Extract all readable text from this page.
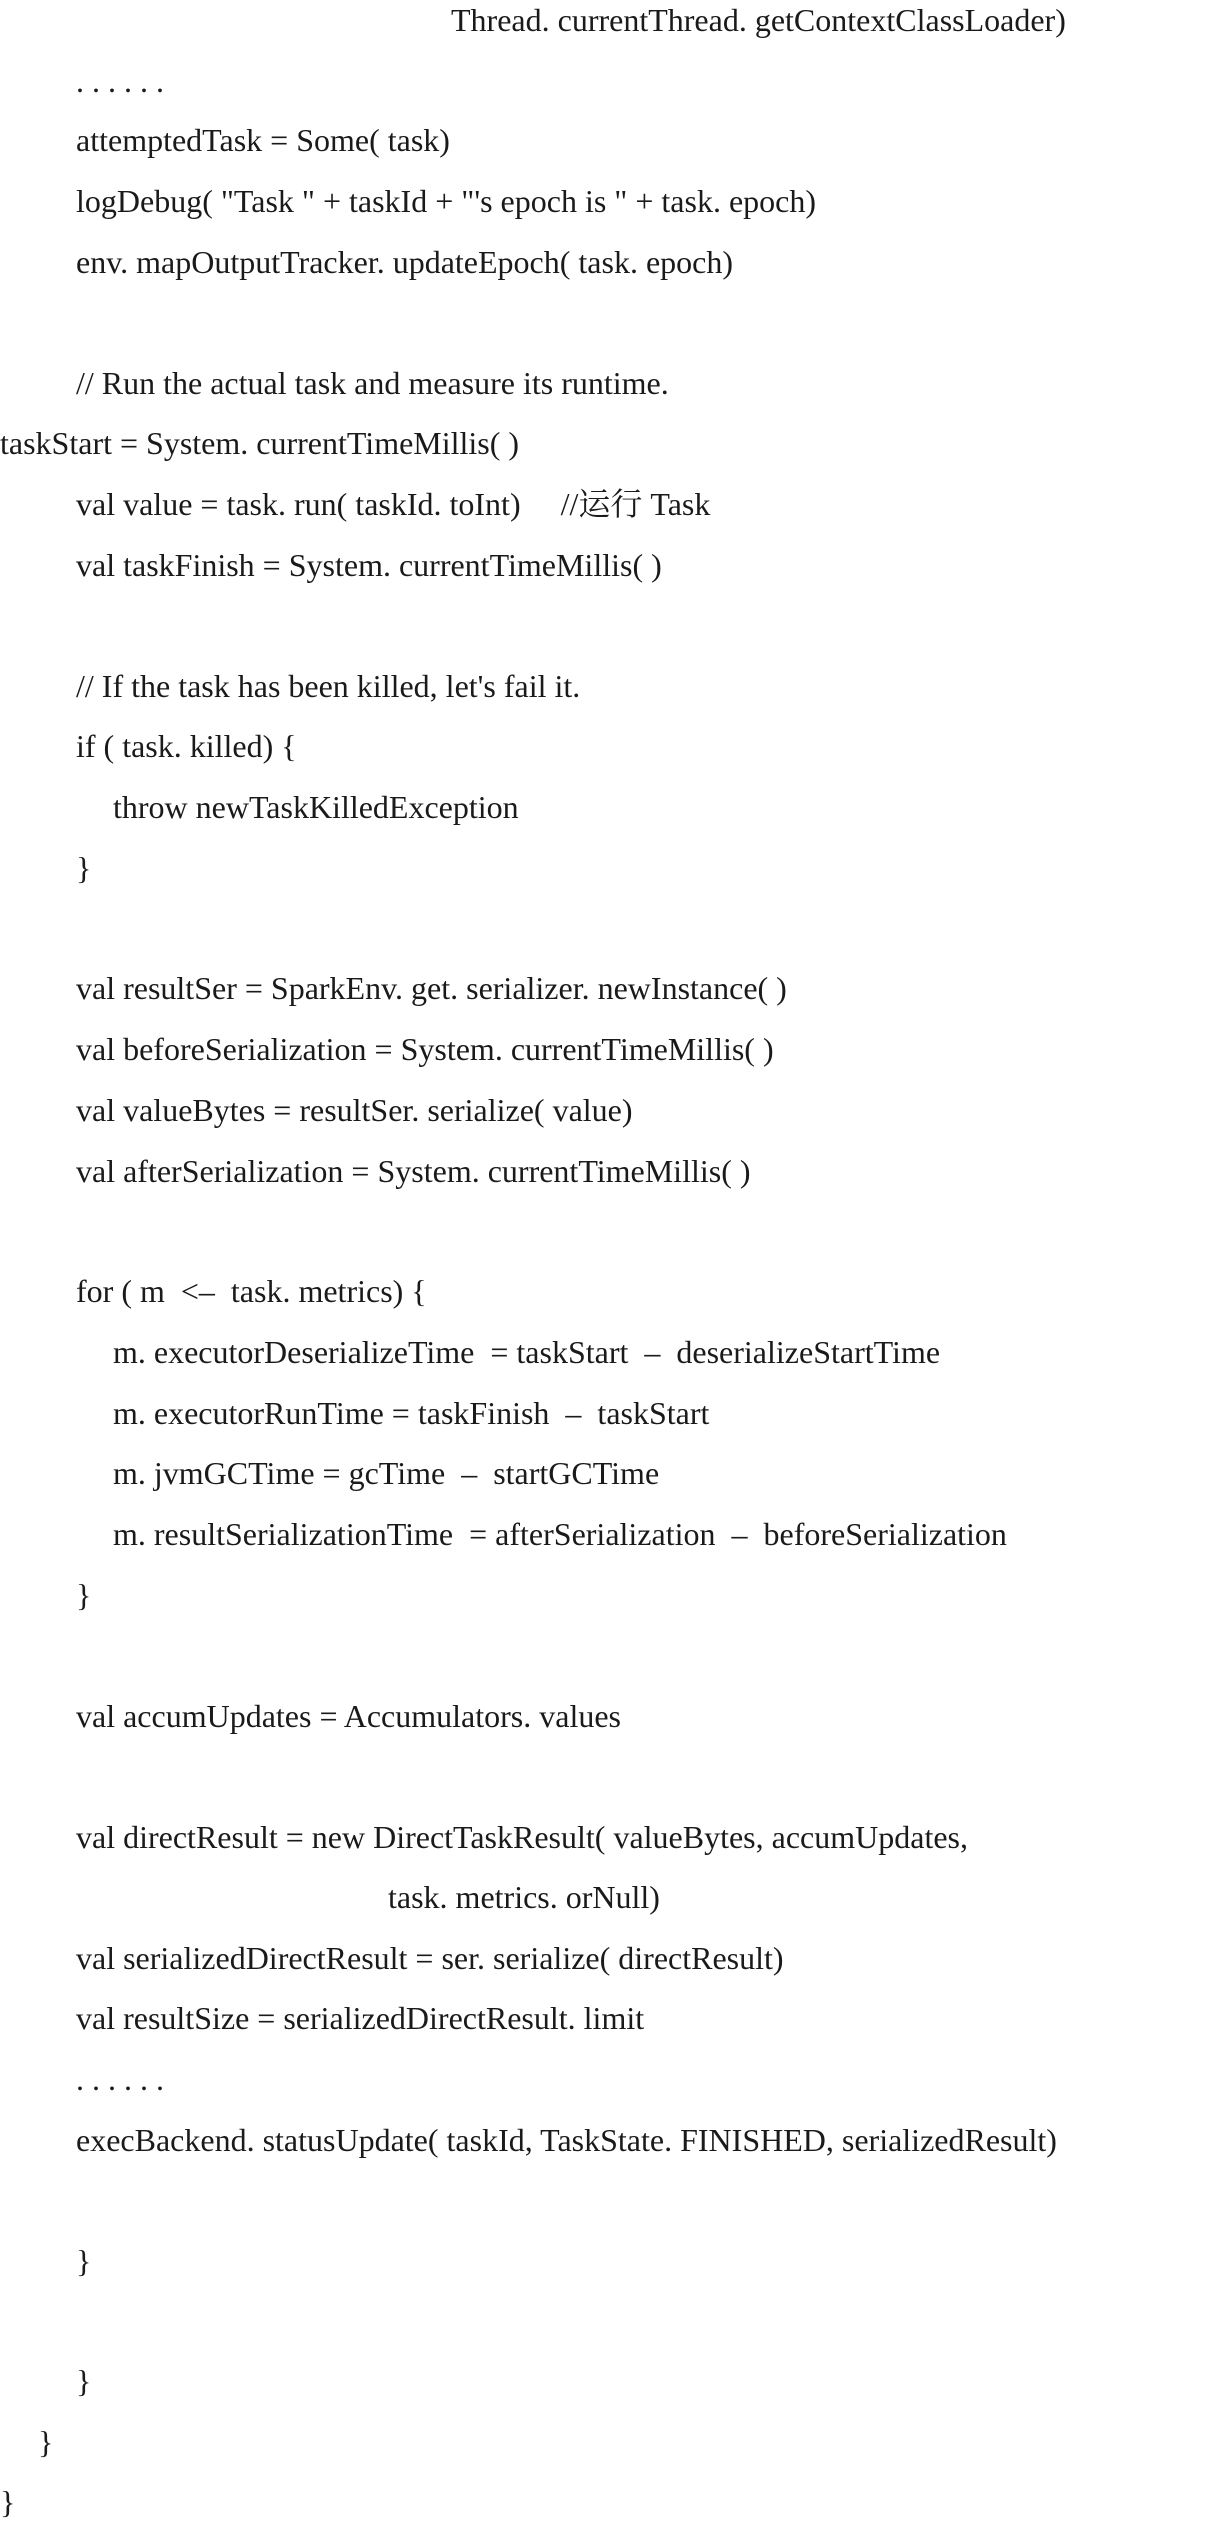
Thread. currentThread. getContextClassLoader)
. . . . . .
attemptedTask = Some( task)
logDebug( "Task " + taskId + "'s epoch is " + task. epoch)
env. mapOutputTracker. updateEpoch( task. epoch)
// Run the actual task and measure its runtime.
taskStart = System. currentTimeMillis( )
val value = task. run( taskId. toInt)     //运行 Task
val taskFinish = System. currentTimeMillis( )
// If the task has been killed, let's fail it.
if ( task. killed) {
throw newTaskKilledException
}
val resultSer = SparkEnv. get. serializer. newInstance( )
val beforeSerialization = System. currentTimeMillis( )
val valueBytes = resultSer. serialize( value)
val afterSerialization = System. currentTimeMillis( )
for ( m  <–  task. metrics) {
m. executorDeserializeTime  = taskStart  –  deserializeStartTime
m. executorRunTime = taskFinish  –  taskStart
m. jvmGCTime = gcTime  –  startGCTime
m. resultSerializationTime  = afterSerialization  –  beforeSerialization
}
val accumUpdates = Accumulators. values
val directResult = new DirectTaskResult( valueBytes, accumUpdates,
task. metrics. orNull)
val serializedDirectResult = ser. serialize( directResult)
val resultSize = serializedDirectResult. limit
. . . . . .
execBackend. statusUpdate( taskId, TaskState. FINISHED, serializedResult)
}
}
}
}
